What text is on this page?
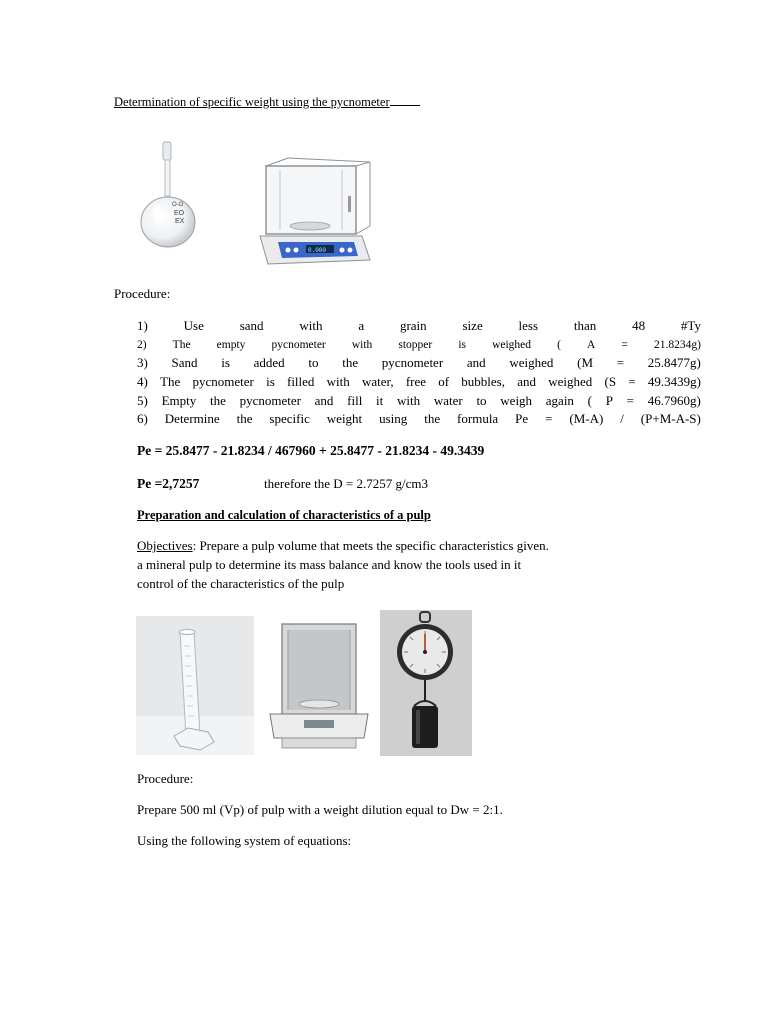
Determination of specific weight using the pycnometer
O-O
EO
EX
0.000
Procedure:
1)	Use	sand	with	a	grain	size	less	than	48	#Ty
2) The empty pycnometer with stopper is weighed ( A = 21.8234g)
3) Sand is added to the pycnometer and weighed (M = 25.8477g)
4) The pycnometer is filled with water, free of bubbles, and weighed (S = 49.3439g)
5) Empty the pycnometer and fill it with water to weigh again ( P = 46.7960g)
6) Determine the specific weight using the formula Pe = (M-A) / (P+M-A-S)
Pe = 25.8477 - 21.8234 / 467960 + 25.8477 - 21.8234 - 49.3439
Pe =2,7257	therefore the D = 2.7257 g/cm3
Preparation and calculation of characteristics of a pulp
Objectives: Prepare a pulp volume that meets the specific characteristics given.
a mineral pulp to determine its mass balance and know the tools used in it
control of the characteristics of the pulp
Procedure:
Prepare 500 ml (Vp) of pulp with a weight dilution equal to Dw = 2:1.
Using the following system of equations:
